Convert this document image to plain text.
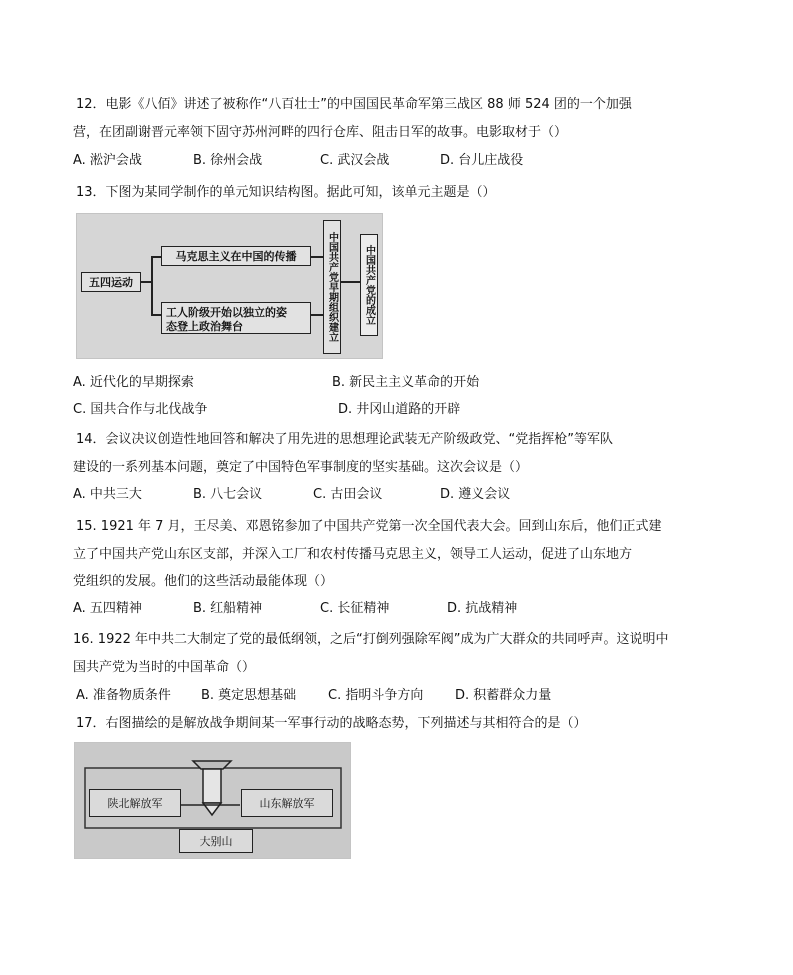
12．电影《八佰》讲述了被称作“八百壮士”的中国国民革命军第三战区 88 师 524 团的一个加强
营，在团副谢晋元率领下固守苏州河畔的四行仓库、阻击日军的故事。电影取材于（）
A. 淞沪会战	B. 徐州会战	C. 武汉会战	D. 台儿庄战役
13．下图为某同学制作的单元知识结构图。据此可知，该单元主题是（）
五四运动
马克思主义在中国的传播
工人阶级开始以独立的姿
态登上政治舞台	中国共产党早期组织建立	中国共产党的成立
A. 近代化的早期探索	B. 新民主主义革命的开始
C. 国共合作与北伐战争	D. 井冈山道路的开辟
14．会议决议创造性地回答和解决了用先进的思想理论武装无产阶级政党、“党指挥枪”等军队
建设的一系列基本问题，奠定了中国特色军事制度的坚实基础。这次会议是（）
A. 中共三大	B. 八七会议	C. 古田会议	D. 遵义会议
15. 1921 年 7 月，王尽美、邓恩铭参加了中国共产党第一次全国代表大会。回到山东后，他们正式建
立了中国共产党山东区支部，并深入工厂和农村传播马克思主义，领导工人运动，促进了山东地方
党组织的发展。他们的这些活动最能体现（）
A. 五四精神	B. 红船精神	C. 长征精神	D. 抗战精神
16. 1922 年中共二大制定了党的最低纲领，之后“打倒列强除军阀”成为广大群众的共同呼声。这说明中
国共产党为当时的中国革命（）
A. 准备物质条件 B. 奠定思想基础 C. 指明斗争方向 D. 积蓄群众力量
17．右图描绘的是解放战争期间某一军事行动的战略态势，下列描述与其相符合的是（）
陕北解放军	山东解放军
大别山
